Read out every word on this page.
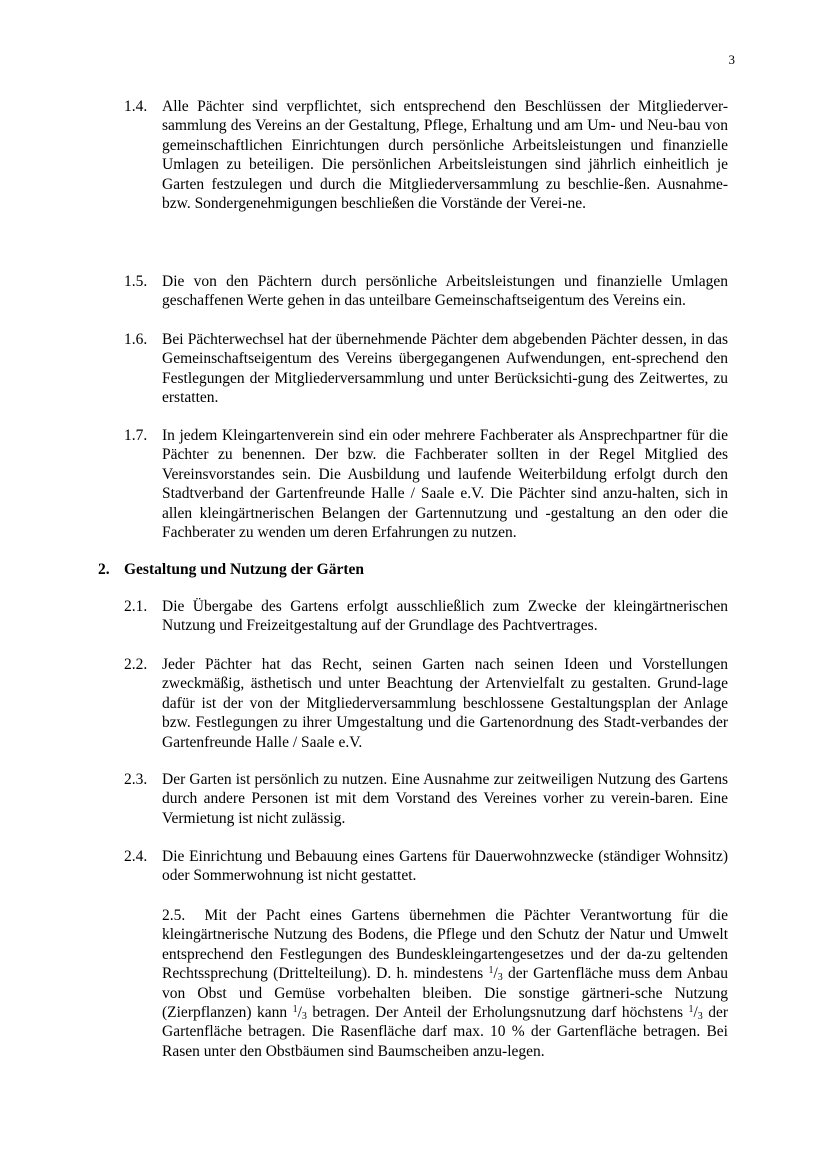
3
1.4. Alle Pächter sind verpflichtet, sich entsprechend den Beschlüssen der Mitgliederver-sammlung des Vereins an der Gestaltung, Pflege, Erhaltung und am Um- und Neu-bau von gemeinschaftlichen Einrichtungen durch persönliche Arbeitsleistungen und finanzielle Umlagen zu beteiligen. Die persönlichen Arbeitsleistungen sind jährlich einheitlich je Garten festzulegen und durch die Mitgliederversammlung zu beschlie-ßen. Ausnahme- bzw. Sondergenehmigungen beschließen die Vorstände der Verei-ne.
1.5. Die von den Pächtern durch persönliche Arbeitsleistungen und finanzielle Umlagen geschaffenen Werte gehen in das unteilbare Gemeinschaftseigentum des Vereins ein.
1.6. Bei Pächterwechsel hat der übernehmende Pächter dem abgebenden Pächter dessen, in das Gemeinschaftseigentum des Vereins übergegangenen Aufwendungen, ent-sprechend den Festlegungen der Mitgliederversammlung und unter Berücksichti-gung des Zeitwertes, zu erstatten.
1.7. In jedem Kleingartenverein sind ein oder mehrere Fachberater als Ansprechpartner für die Pächter zu benennen. Der bzw. die Fachberater sollten in der Regel Mitglied des Vereinsvorstandes sein. Die Ausbildung und laufende Weiterbildung erfolgt durch den Stadtverband der Gartenfreunde Halle / Saale e.V. Die Pächter sind anzu-halten, sich in allen kleingärtnerischen Belangen der Gartennutzung und -gestaltung an den oder die Fachberater zu wenden um deren Erfahrungen zu nutzen.
2. Gestaltung und Nutzung der Gärten
2.1. Die Übergabe des Gartens erfolgt ausschließlich zum Zwecke der kleingärtnerischen Nutzung und Freizeitgestaltung auf der Grundlage des Pachtvertrages.
2.2. Jeder Pächter hat das Recht, seinen Garten nach seinen Ideen und Vorstellungen zweckmäßig, ästhetisch und unter Beachtung der Artenvielfalt zu gestalten. Grund-lage dafür ist der von der Mitgliederversammlung beschlossene Gestaltungsplan der Anlage bzw. Festlegungen zu ihrer Umgestaltung und die Gartenordnung des Stadt-verbandes der Gartenfreunde Halle / Saale e.V.
2.3. Der Garten ist persönlich zu nutzen. Eine Ausnahme zur zeitweiligen Nutzung des Gartens durch andere Personen ist mit dem Vorstand des Vereines vorher zu verein-baren. Eine Vermietung ist nicht zulässig.
2.4. Die Einrichtung und Bebauung eines Gartens für Dauerwohnzwecke (ständiger Wohnsitz) oder Sommerwohnung ist nicht gestattet.
2.5. Mit der Pacht eines Gartens übernehmen die Pächter Verantwortung für die kleingärtnerische Nutzung des Bodens, die Pflege und den Schutz der Natur und Umwelt entsprechend den Festlegungen des Bundeskleingartengesetzes und der da-zu geltenden Rechtssprechung (Drittelteilung). D. h. mindestens $^1/_3$ der Gartenfläche muss dem Anbau von Obst und Gemüse vorbehalten bleiben. Die sonstige gärtneri-sche Nutzung (Zierpflanzen) kann $^1/_3$ betragen. Der Anteil der Erholungsnutzung darf höchstens $^1/_3$ der Gartenfläche betragen. Die Rasenfläche darf max. 10 % der Gartenfläche betragen. Bei Rasen unter den Obstbäumen sind Baumscheiben anzu-legen.
